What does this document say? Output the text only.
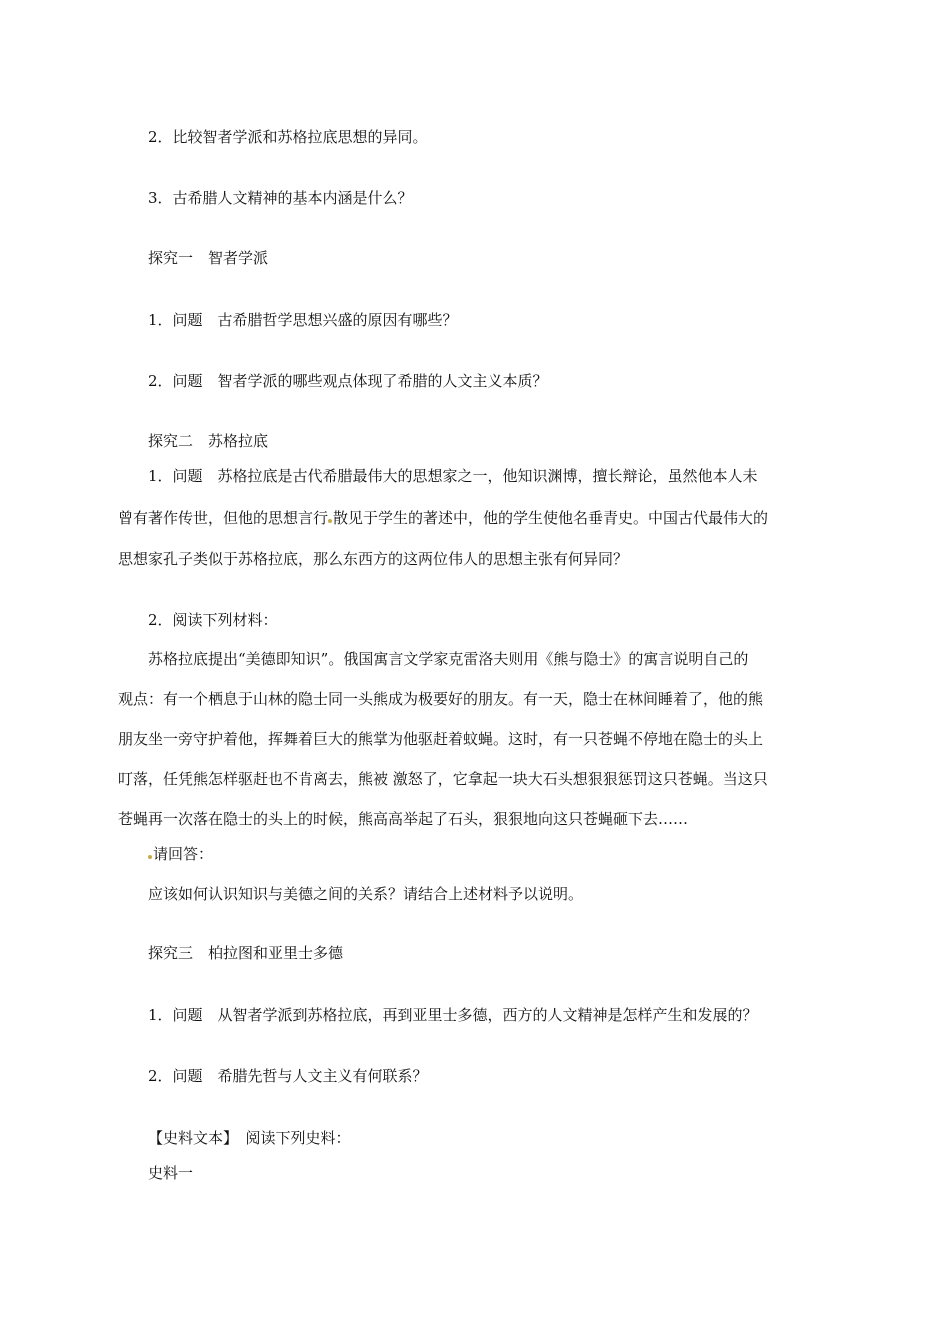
2．比较智者学派和苏格拉底思想的异同。
3．古希腊人文精神的基本内涵是什么？
探究一　智者学派
1．问题　古希腊哲学思想兴盛的原因有哪些？
2．问题　智者学派的哪些观点体现了希腊的人文主义本质？
探究二　苏格拉底
1．问题　苏格拉底是古代希腊最伟大的思想家之一，他知识渊博，擅长辩论，虽然他本人未
曾有著作传世，但他的思想言行 散见于学生的著述中，他的学生使他名垂青史。中国古代最伟大的
思想家孔子类似于苏格拉底，那么东西方的这两位伟人的思想主张有何异同？
2．阅读下列材料：
苏格拉底提出“美德即知识”。俄国寓言文学家克雷洛夫则用《熊与隐士》的寓言说明自己的
观点：有一个栖息于山林的隐士同一头熊成为极要好的朋友。有一天，隐士在林间睡着了，他的熊
朋友坐一旁守护着他，挥舞着巨大的熊掌为他驱赶着蚊蝇。这时，有一只苍蝇不停地在隐士的头上
叮落，任凭熊怎样驱赶也不肯离去，熊被 激怒了，它拿起一块大石头想狠狠惩罚这只苍蝇。当这只
苍蝇再一次落在隐士的头上的时候，熊高高举起了石头，狠狠地向这只苍蝇砸下去……
请回答：
应该如何认识知识与美德之间的关系？请结合上述材料予以说明。
探究三　柏拉图和亚里士多德
1．问题　从智者学派到苏格拉底，再到亚里士多德，西方的人文精神是怎样产生和发展的？
2．问题　希腊先哲与人文主义有何联系？
【史料文本】　阅读下列史料：
史料一
